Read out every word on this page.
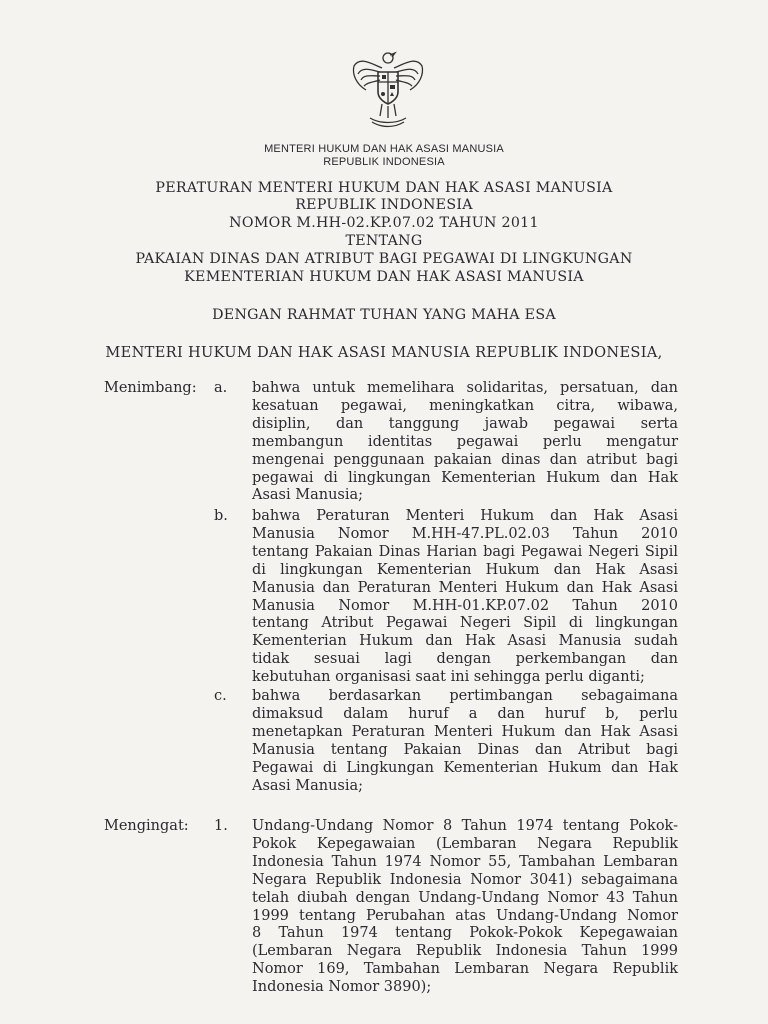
MENTERI HUKUM DAN HAK ASASI MANUSIA
REPUBLIK INDONESIA
PERATURAN MENTERI HUKUM DAN HAK ASASI MANUSIA
REPUBLIK INDONESIA
NOMOR M.HH-02.KP.07.02 TAHUN 2011
TENTANG
PAKAIAN DINAS DAN ATRIBUT BAGI PEGAWAI DI LINGKUNGAN
KEMENTERIAN HUKUM DAN HAK ASASI MANUSIA
DENGAN RAHMAT TUHAN YANG MAHA ESA
MENTERI HUKUM DAN HAK ASASI MANUSIA REPUBLIK INDONESIA,
Menimbang: a. bahwa untuk memelihara solidaritas, persatuan, dan
kesatuan pegawai, meningkatkan citra, wibawa,
disiplin, dan tanggung jawab pegawai serta
membangun identitas pegawai perlu mengatur
mengenai penggunaan pakaian dinas dan atribut bagi
pegawai di lingkungan Kementerian Hukum dan Hak
Asasi Manusia;
b. bahwa Peraturan Menteri Hukum dan Hak Asasi
Manusia Nomor M.HH-47.PL.02.03 Tahun 2010
tentang Pakaian Dinas Harian bagi Pegawai Negeri Sipil
di lingkungan Kementerian Hukum dan Hak Asasi
Manusia dan Peraturan Menteri Hukum dan Hak Asasi
Manusia Nomor M.HH-01.KP.07.02 Tahun 2010
tentang Atribut Pegawai Negeri Sipil di lingkungan
Kementerian Hukum dan Hak Asasi Manusia sudah
tidak sesuai lagi dengan perkembangan dan
kebutuhan organisasi saat ini sehingga perlu diganti;
c. bahwa berdasarkan pertimbangan sebagaimana
dimaksud dalam huruf a dan huruf b, perlu
menetapkan Peraturan Menteri Hukum dan Hak Asasi
Manusia tentang Pakaian Dinas dan Atribut bagi
Pegawai di Lingkungan Kementerian Hukum dan Hak
Asasi Manusia;
Mengingat: 1. Undang-Undang Nomor 8 Tahun 1974 tentang Pokok-
Pokok Kepegawaian (Lembaran Negara Republik
Indonesia Tahun 1974 Nomor 55, Tambahan Lembaran
Negara Republik Indonesia Nomor 3041) sebagaimana
telah diubah dengan Undang-Undang Nomor 43 Tahun
1999 tentang Perubahan atas Undang-Undang Nomor
8 Tahun 1974 tentang Pokok-Pokok Kepegawaian
(Lembaran Negara Republik Indonesia Tahun 1999
Nomor 169, Tambahan Lembaran Negara Republik
Indonesia Nomor 3890);
